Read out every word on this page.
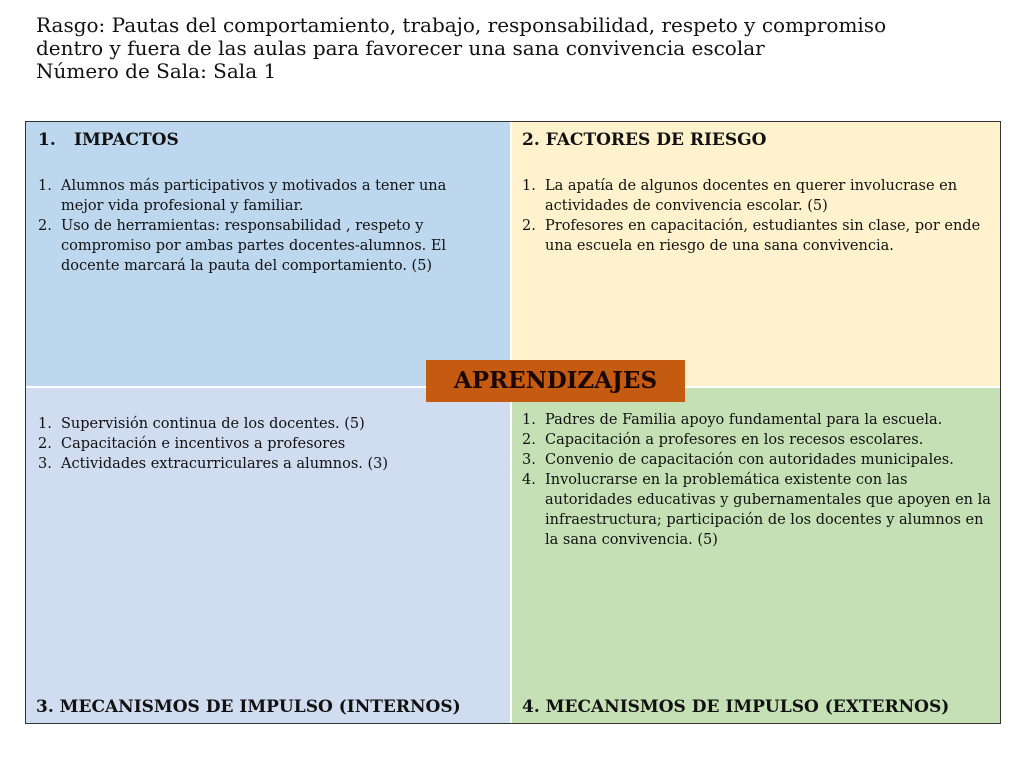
Rasgo: Pautas del comportamiento, trabajo, responsabilidad, respeto y compromiso
dentro y fuera de las aulas para favorecer una sana convivencia escolar
Número de Sala: Sala 1
1. IMPACTOS
1. Alumnos más participativos y motivados a tener una mejor vida profesional y familiar.
2. Uso de herramientas: responsabilidad , respeto y compromiso por ambas partes docentes-alumnos. El docente marcará la pauta del comportamiento. (5)
2. FACTORES DE RIESGO
1. La apatía de algunos docentes en querer involucrase en actividades de convivencia escolar. (5)
2. Profesores en capacitación, estudiantes sin clase, por ende una escuela en riesgo de una sana convivencia.
1. Supervisión continua de los docentes. (5)
2. Capacitación e incentivos a profesores
3. Actividades extracurriculares a alumnos. (3)
3. MECANISMOS DE IMPULSO (INTERNOS)
1. Padres de Familia apoyo fundamental para la escuela.
2. Capacitación a profesores en los recesos escolares.
3. Convenio de capacitación con autoridades municipales.
4. Involucrarse en la problemática existente con las autoridades educativas y gubernamentales que apoyen en la infraestructura; participación de los docentes y alumnos en la sana convivencia. (5)
4. MECANISMOS DE IMPULSO (EXTERNOS)
APRENDIZAJES
